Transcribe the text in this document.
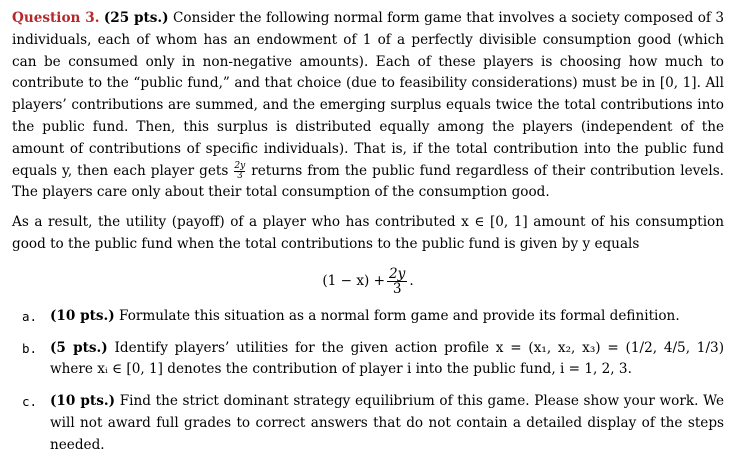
Question 3. (25 pts.) Consider the following normal form game that involves a society composed of 3 individuals, each of whom has an endowment of 1 of a perfectly divisible consumption good (which can be consumed only in non-negative amounts). Each of these players is choosing how much to contribute to the “public fund,” and that choice (due to feasibility considerations) must be in [0, 1]. All players’ contributions are summed, and the emerging surplus equals twice the total contributions into the public fund. Then, this surplus is distributed equally among the players (independent of the amount of contributions of specific individuals). That is, if the total contribution into the public fund equals y, then each player gets $\frac{2y}{3}$ returns from the public fund regardless of their contribution levels. The players care only about their total consumption of the consumption good.

As a result, the utility (payoff) of a player who has contributed x ∈ [0, 1] amount of his consumption good to the public fund when the total contributions to the public fund is given by y equals

$(1 - x) + \frac{2y}{3}$ .
a. (10 pts.) Formulate this situation as a normal form game and provide its formal definition.
b. (5 pts.) Identify players’ utilities for the given action profile x = (x₁, x₂, x₃) = (1/2, 4/5, 1/3) where xᵢ ∈ [0, 1] denotes the contribution of player i into the public fund, i = 1, 2, 3.
c. (10 pts.) Find the strict dominant strategy equilibrium of this game. Please show your work. We will not award full grades to correct answers that do not contain a detailed display of the steps needed.
